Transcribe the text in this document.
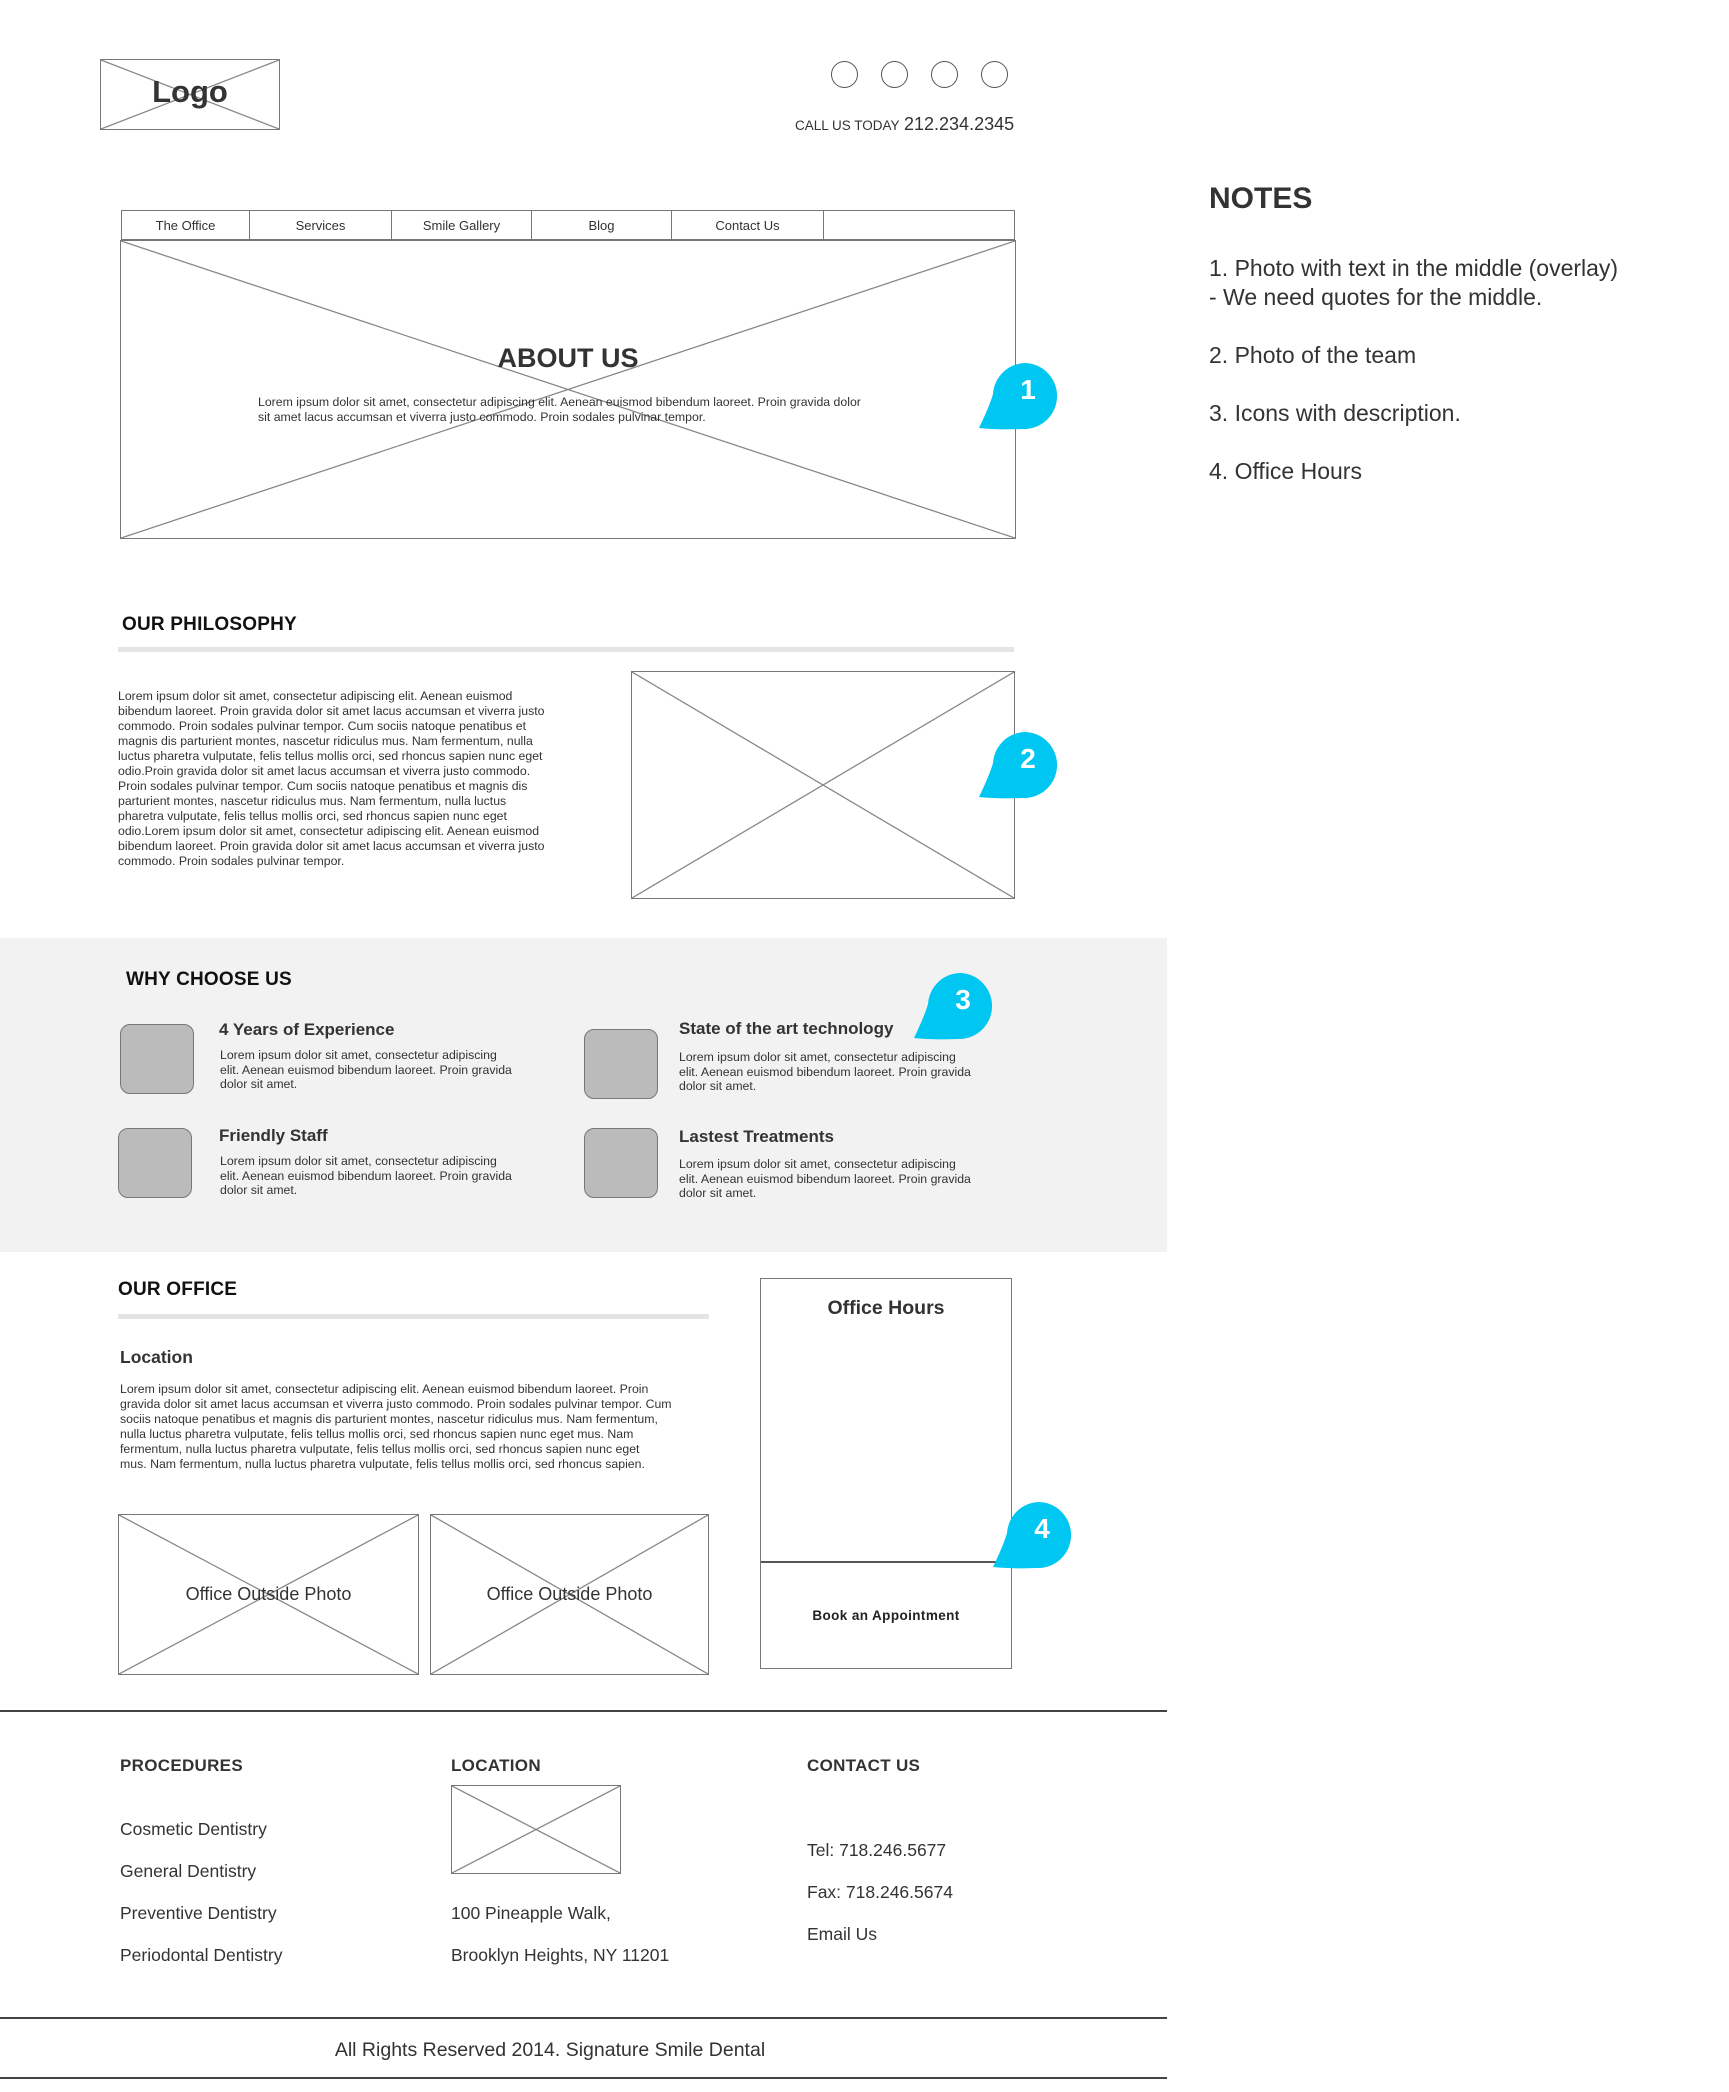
Logo
CALL US TODAY 212.234.2345
The Office	Services	Smile Gallery	Blog	Contact Us
ABOUT US
Lorem ipsum dolor sit amet, consectetur adipiscing elit. Aenean euismod bibendum laoreet. Proin gravida dolor
sit amet lacus accumsan et viverra justo commodo. Proin sodales pulvinar tempor.
1
OUR PHILOSOPHY
Lorem ipsum dolor sit amet, consectetur adipiscing elit. Aenean euismod
bibendum laoreet. Proin gravida dolor sit amet lacus accumsan et viverra justo
commodo. Proin sodales pulvinar tempor. Cum sociis natoque penatibus et
magnis dis parturient montes, nascetur ridiculus mus. Nam fermentum, nulla
luctus pharetra vulputate, felis tellus mollis orci, sed rhoncus sapien nunc eget
odio.Proin gravida dolor sit amet lacus accumsan et viverra justo commodo.
Proin sodales pulvinar tempor. Cum sociis natoque penatibus et magnis dis
parturient montes, nascetur ridiculus mus. Nam fermentum, nulla luctus
pharetra vulputate, felis tellus mollis orci, sed rhoncus sapien nunc eget
odio.Lorem ipsum dolor sit amet, consectetur adipiscing elit. Aenean euismod
bibendum laoreet. Proin gravida dolor sit amet lacus accumsan et viverra justo
commodo. Proin sodales pulvinar tempor.
2
WHY CHOOSE US
4 Years of Experience
Lorem ipsum dolor sit amet, consectetur adipiscing
elit. Aenean euismod bibendum laoreet. Proin gravida
dolor sit amet.
State of the art technology
Lorem ipsum dolor sit amet, consectetur adipiscing
elit. Aenean euismod bibendum laoreet. Proin gravida
dolor sit amet.
Friendly Staff
Lorem ipsum dolor sit amet, consectetur adipiscing
elit. Aenean euismod bibendum laoreet. Proin gravida
dolor sit amet.
Lastest Treatments
Lorem ipsum dolor sit amet, consectetur adipiscing
elit. Aenean euismod bibendum laoreet. Proin gravida
dolor sit amet.
3
OUR OFFICE
Location
Lorem ipsum dolor sit amet, consectetur adipiscing elit. Aenean euismod bibendum laoreet. Proin
gravida dolor sit amet lacus accumsan et viverra justo commodo. Proin sodales pulvinar tempor. Cum
sociis natoque penatibus et magnis dis parturient montes, nascetur ridiculus mus. Nam fermentum,
nulla luctus pharetra vulputate, felis tellus mollis orci, sed rhoncus sapien nunc eget mus. Nam
fermentum, nulla luctus pharetra vulputate, felis tellus mollis orci, sed rhoncus sapien nunc eget
mus. Nam fermentum, nulla luctus pharetra vulputate, felis tellus mollis orci, sed rhoncus sapien.
Office Outside Photo	Office Outside Photo
Office Hours
Book an Appointment
4
PROCEDURES
Cosmetic Dentistry
General Dentistry
Preventive Dentistry
Periodontal Dentistry
LOCATION
100 Pineapple Walk,
Brooklyn Heights, NY 11201
CONTACT US
Tel: 718.246.5677
Fax: 718.246.5674
Email Us
All Rights Reserved 2014. Signature Smile Dental
NOTES
1. Photo with text in the middle (overlay)
- We need quotes for the middle.
2. Photo of the team
3. Icons with description.
4. Office Hours
